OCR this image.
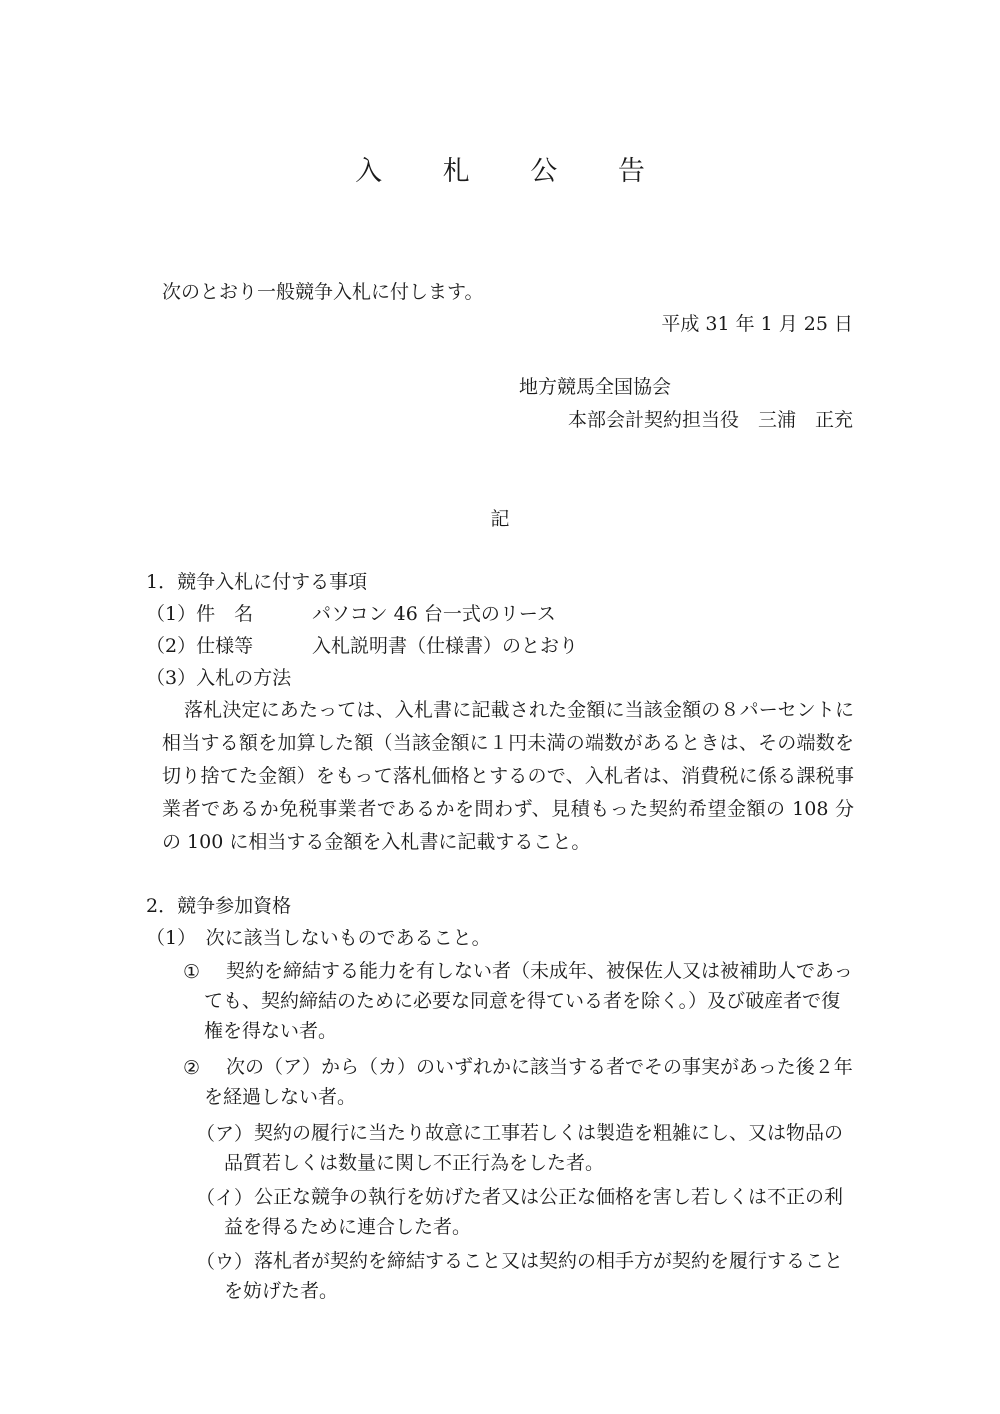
入 札 公 告
次のとおり一般競争入札に付します。
平成 31 年 1 月 25 日
地方競馬全国協会
本部会計契約担当役　三浦　正充
記
1．競争入札に付する事項
（1）件　名	パソコン 46 台一式のリース
（2）仕様等	入札説明書（仕様書）のとおり
（3）入札の方法
落札決定にあたっては、入札書に記載された金額に当該金額の８パーセントに相当する額を加算した額（当該金額に１円未満の端数があるときは、その端数を切り捨てた金額）をもって落札価格とするので、入札者は、消費税に係る課税事業者であるか免税事業者であるかを問わず、見積もった契約希望金額の 108 分の 100 に相当する金額を入札書に記載すること。
2．競争参加資格
（1）　次に該当しないものであること。
①	契約を締結する能力を有しない者（未成年、被保佐人又は被補助人であっても、契約締結のために必要な同意を得ている者を除く。）及び破産者で復権を得ない者。
②	次の（ア）から（カ）のいずれかに該当する者でその事実があった後２年を経過しない者。
（ア） 契約の履行に当たり故意に工事若しくは製造を粗雑にし、又は物品の品質若しくは数量に関し不正行為をした者。
（イ） 公正な競争の執行を妨げた者又は公正な価格を害し若しくは不正の利益を得るために連合した者。
（ウ） 落札者が契約を締結すること又は契約の相手方が契約を履行することを妨げた者。
